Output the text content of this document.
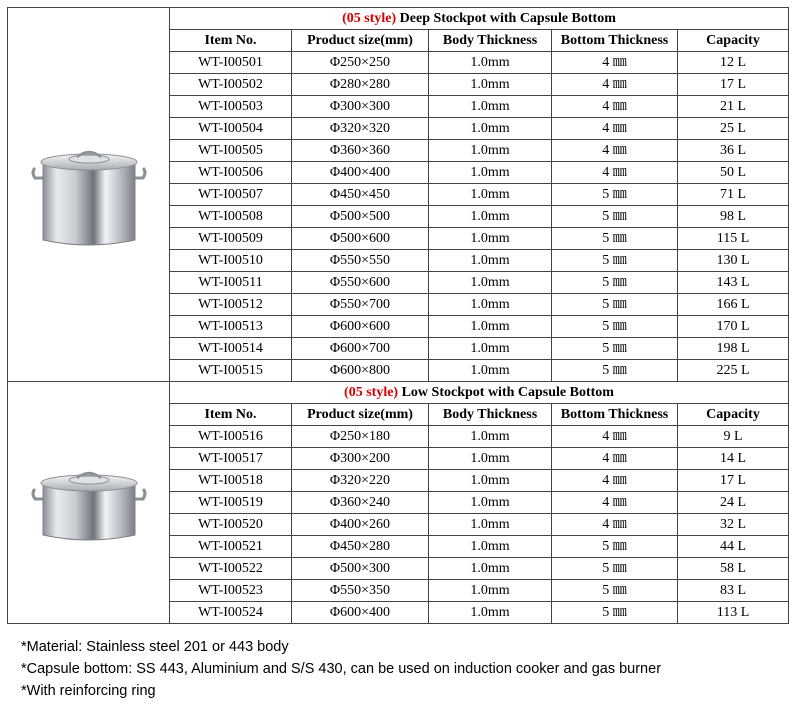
	(05 style) Deep Stockpot with Capsule Bottom				
	Item No.	Product size(mm)	Body Thickness	Bottom Thickness	Capacity
	WT-I00501	Φ250×250	1.0mm	4 ㎜	12 L
	WT-I00502	Φ280×280	1.0mm	4 ㎜	17 L
	WT-I00503	Φ300×300	1.0mm	4 ㎜	21 L
	WT-I00504	Φ320×320	1.0mm	4 ㎜	25 L
	WT-I00505	Φ360×360	1.0mm	4 ㎜	36 L
	WT-I00506	Φ400×400	1.0mm	4 ㎜	50 L
	WT-I00507	Φ450×450	1.0mm	5 ㎜	71 L
	WT-I00508	Φ500×500	1.0mm	5 ㎜	98 L
	WT-I00509	Φ500×600	1.0mm	5 ㎜	115 L
	WT-I00510	Φ550×550	1.0mm	5 ㎜	130 L
	WT-I00511	Φ550×600	1.0mm	5 ㎜	143 L
	WT-I00512	Φ550×700	1.0mm	5 ㎜	166 L
	WT-I00513	Φ600×600	1.0mm	5 ㎜	170 L
	WT-I00514	Φ600×700	1.0mm	5 ㎜	198 L
	WT-I00515	Φ600×800	1.0mm	5 ㎜	225 L

	(05 style) Low Stockpot with Capsule Bottom				
	Item No.	Product size(mm)	Body Thickness	Bottom Thickness	Capacity
	WT-I00516	Φ250×180	1.0mm	4 ㎜	9 L
	WT-I00517	Φ300×200	1.0mm	4 ㎜	14 L
	WT-I00518	Φ320×220	1.0mm	4 ㎜	17 L
	WT-I00519	Φ360×240	1.0mm	4 ㎜	24 L
	WT-I00520	Φ400×260	1.0mm	4 ㎜	32 L
	WT-I00521	Φ450×280	1.0mm	5 ㎜	44 L
	WT-I00522	Φ500×300	1.0mm	5 ㎜	58 L
	WT-I00523	Φ550×350	1.0mm	5 ㎜	83 L
	WT-I00524	Φ600×400	1.0mm	5 ㎜	113 L
*Material: Stainless steel 201 or 443 body
*Capsule bottom: SS 443, Aluminium and S/S 430, can be used on induction cooker and gas burner
*With reinforcing ring
